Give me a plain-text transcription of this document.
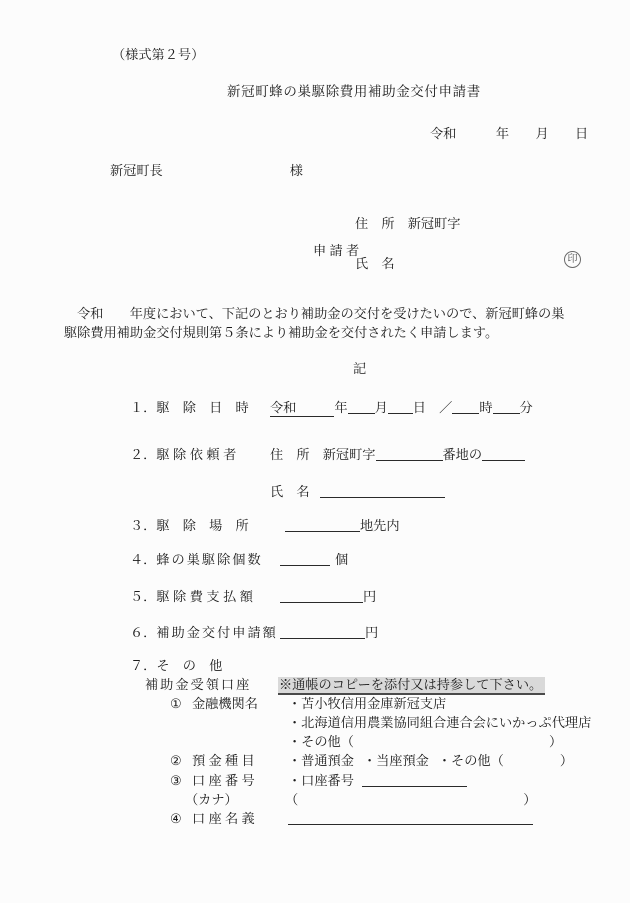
（様式第２号）
新冠町蜂の巣駆除費用補助金交付申請書
令和　　　年　　月　　日
新冠町長	様
住　所　新冠町字
申 請 者
氏　名	印
令和　　年度において、下記のとおり補助金の交付を受けたいので、新冠町蜂の巣駆除費用補助金交付規則第５条により補助金を交付されたく申請します。
記
１．駆　除　日　時 令和	年 月 日　／ 時 分
２．駆除依頼者 住　所　新冠町字	番地の
氏　名
３．駆　除　場　所	地先内
４．蜂の巣駆除個数	個
５．駆除費支払額	円
６．補助金交付申請額	円
７．そ　の　他
補助金受領口座 ※通帳のコピーを添付又は持参して下さい。
① 金融機関名 ・苫小牧信用金庫新冠支店
・北海道信用農業協同組合連合会にいかっぷ代理店
・その他（	）
② 預 金 種 目	・普通預金 ・当座預金 ・その他（	）
③ 口 座 番 号	・口座番号
（カナ）	（	）
④ 口 座 名 義
